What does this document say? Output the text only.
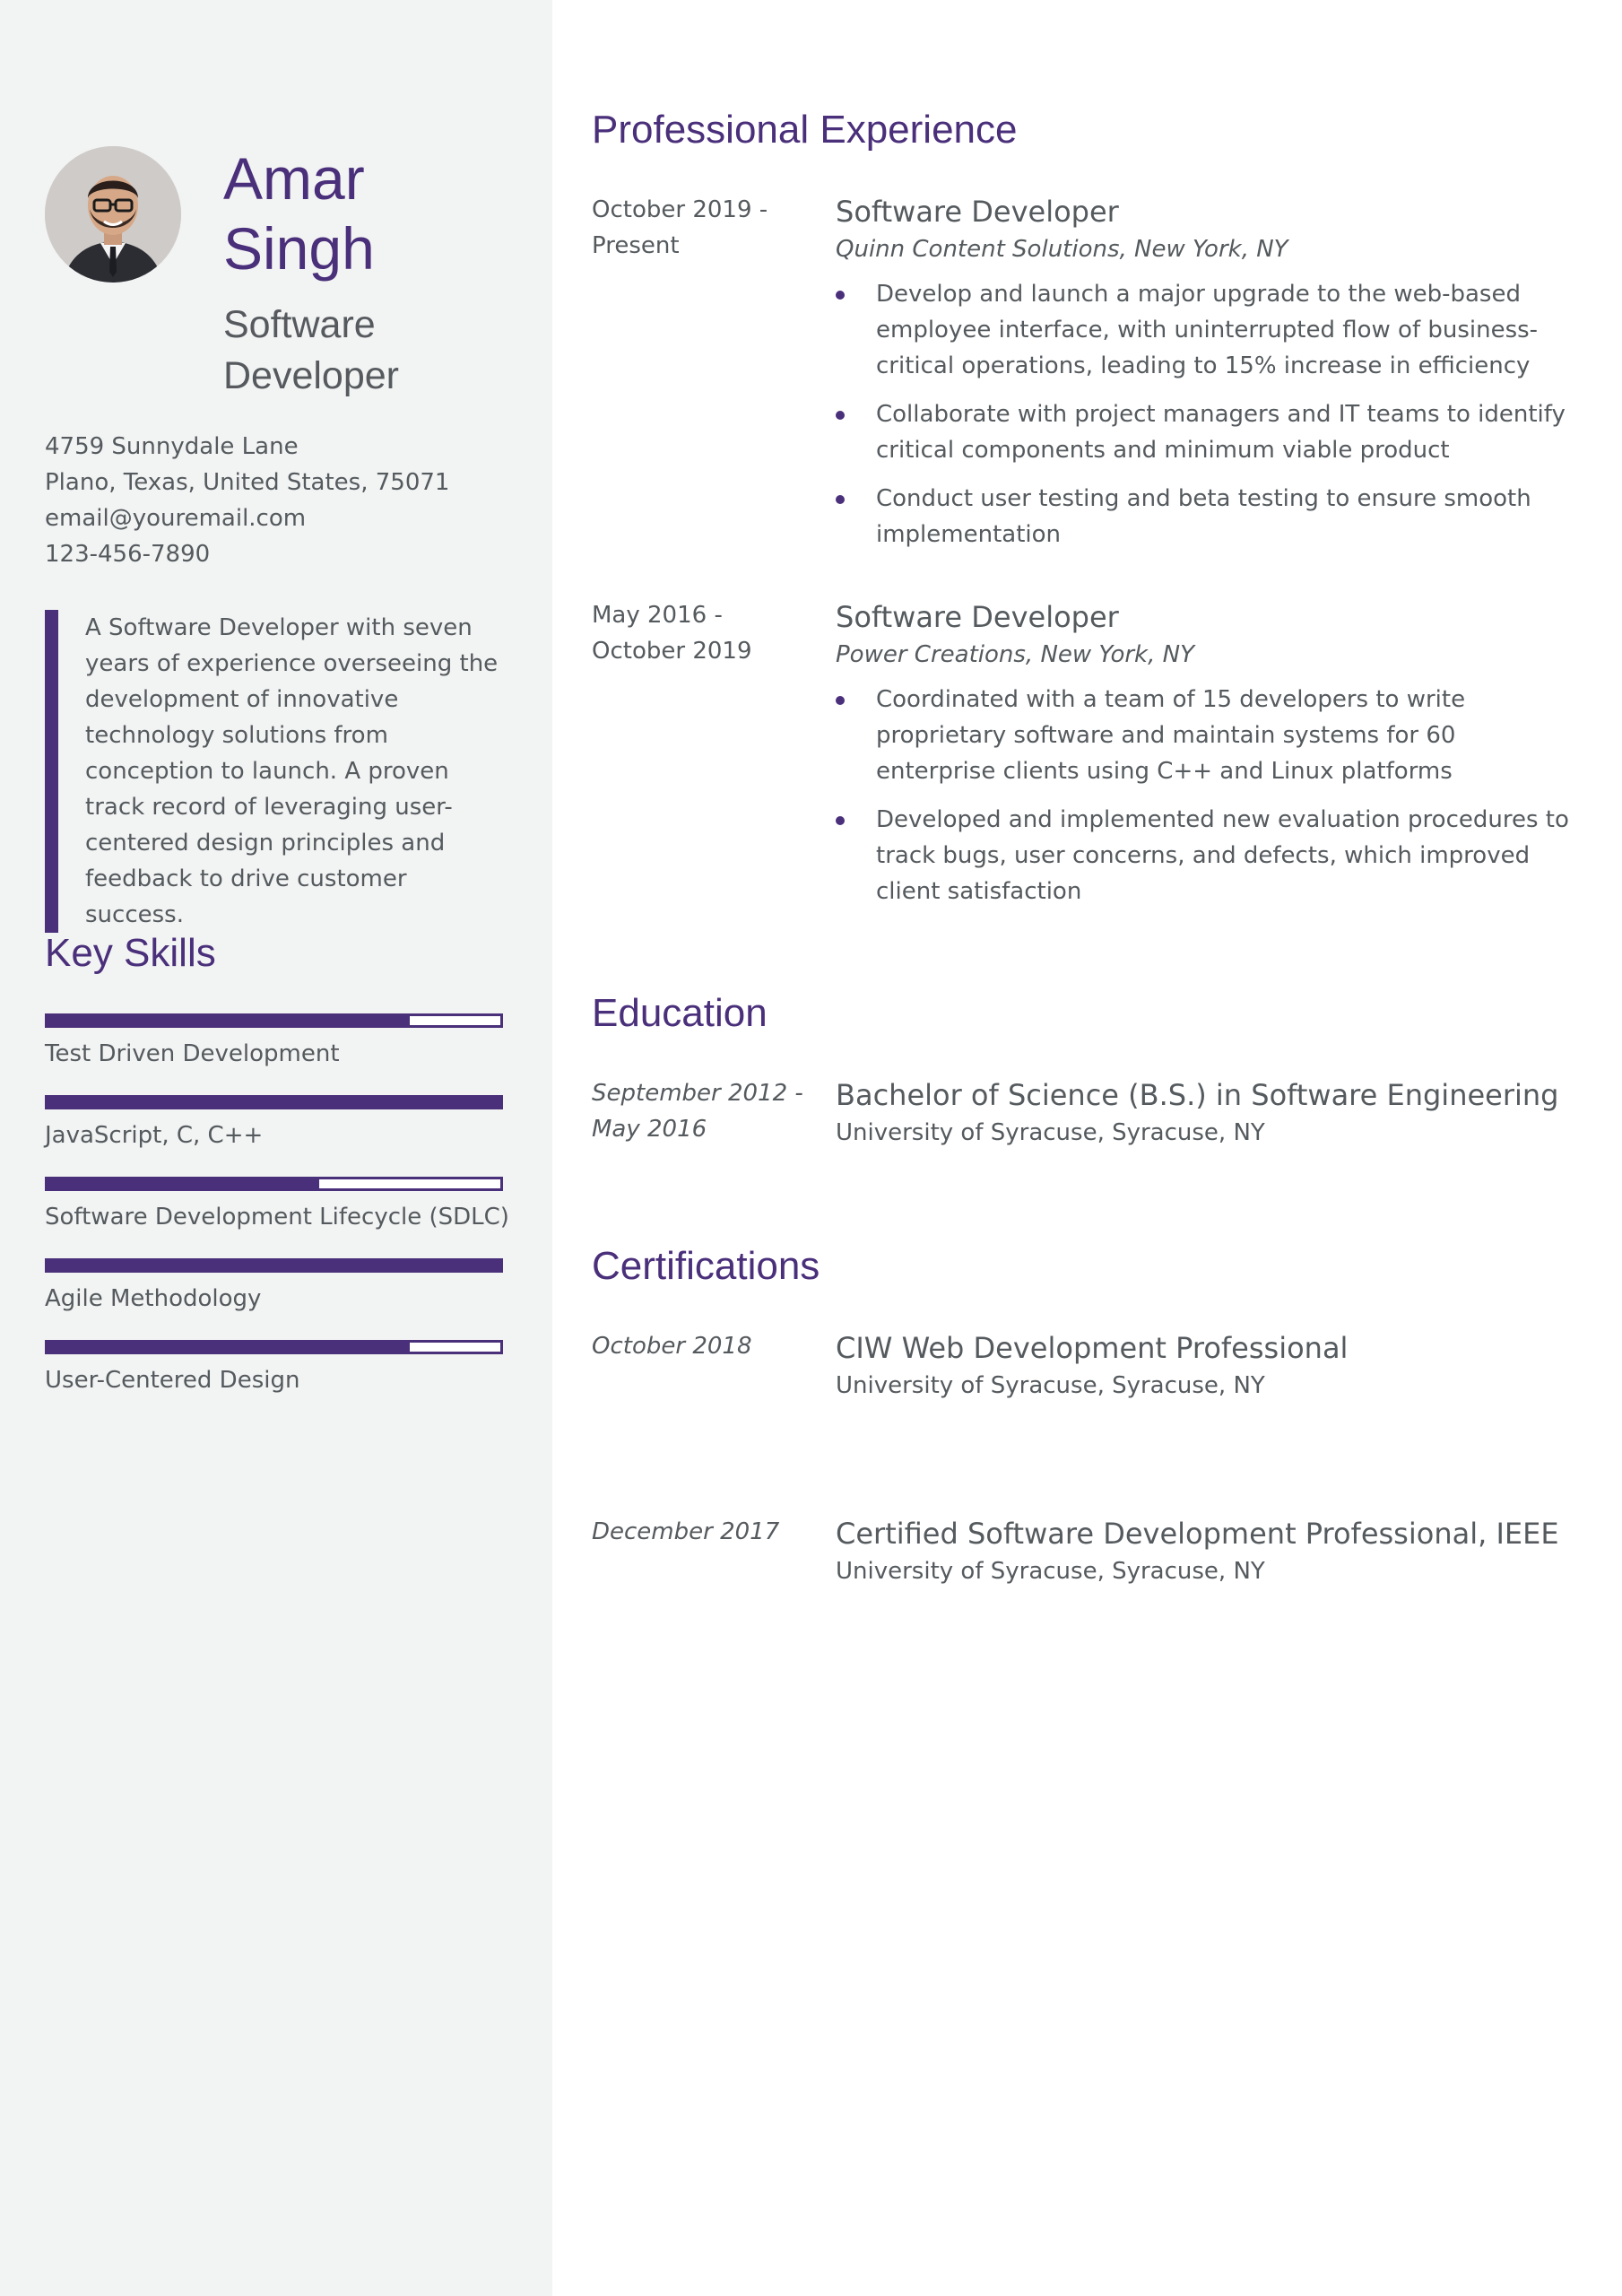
Amar
Singh
Software
Developer
4759 Sunnydale Lane
Plano, Texas, United States, 75071
email@youremail.com
123-456-7890
A Software Developer with seven years of experience overseeing the development of innovative technology solutions from conception to launch. A proven track record of leveraging user-centered design principles and feedback to drive customer success.
Key Skills
Test Driven Development
JavaScript, C, C++
Software Development Lifecycle (SDLC)
Agile Methodology
User-Centered Design
Professional Experience
October 2019 -
Present
Software Developer
Quinn Content Solutions, New York, NY
Develop and launch a major upgrade to the web-based employee interface, with uninterrupted flow of business-critical operations, leading to 15% increase in efficiency
Collaborate with project managers and IT teams to identify critical components and minimum viable product
Conduct user testing and beta testing to ensure smooth implementation
May 2016 -
October 2019
Software Developer
Power Creations, New York, NY
Coordinated with a team of 15 developers to write proprietary software and maintain systems for 60 enterprise clients using C++ and Linux platforms
Developed and implemented new evaluation procedures to track bugs, user concerns, and defects, which improved client satisfaction
Education
September 2012 -
May 2016
Bachelor of Science (B.S.) in Software Engineering
University of Syracuse, Syracuse, NY
Certifications
October 2018	CIW Web Development Professional
University of Syracuse, Syracuse, NY
December 2017	Certified Software Development Professional, IEEE
University of Syracuse, Syracuse, NY
